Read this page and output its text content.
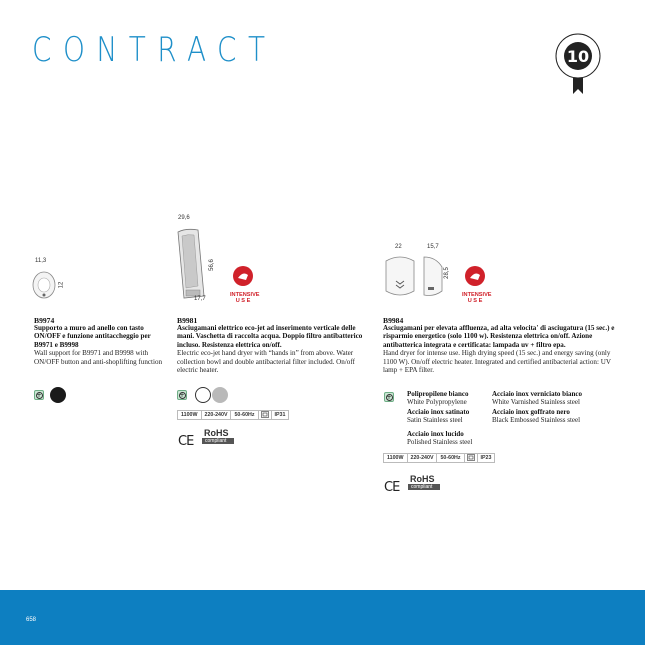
CONTRACT	10
11,3
12
B9974
Supporto a muro ad anello con tasto ON/OFF e funzione antitaccheggio per B9971 e B9998
Wall support for B9971 and B9998 with ON/OFF button and anti-shoplifting function
+
29,6
56,6
17,7
INTENSIVE
U S E
B9981
Asciugamani elettrico eco-jet ad inserimento verticale delle mani. Vaschetta di raccolta acqua. Doppio filtro antibatterico incluso. Resistenza elettrica on/off.
Electric eco-jet hand dryer with “hands in” from above. Water collection bowl and double antibacterial filter included. On/off electric heater.
+
1100W	220-240V	50-60Hz	IP31
CE
RoHS
compliant
22	15,7
28,5
INTENSIVE
U S E
B9984
Asciugamani per elevata affluenza, ad alta velocita' di asciugatura (15 sec.) e risparmio energetico (solo 1100 w). Resistenza elettrica on/off. Azione antibatterica integrata e certificata: lampada uv + filtro epa.
Hand dryer for intense use. High drying speed (15 sec.) and energy saving (only 1100 W). On/off electric heater. Integrated and certified antibacterial action: UV lamp + EPA filter.
+ Polipropilene bianco
White Polypropylene
Acciaio inox verniciato bianco
White Varnished Stainless steel
Acciaio inox satinato
Satin Stainless steel
Acciaio inox goffrato nero
Black Embossed Stainless steel
Acciaio inox lucido
Polished Stainless steel
1100W	220-240V	50-60Hz	IP23
CE
RoHS
compliant
658
